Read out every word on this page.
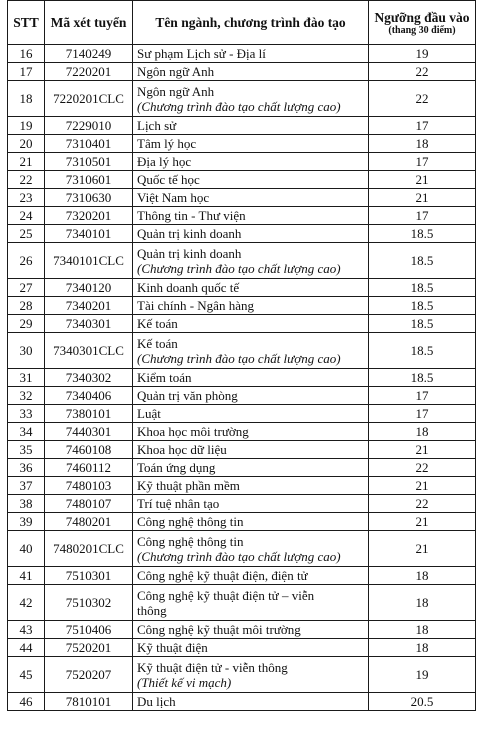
STT	Mã xét tuyển	Tên ngành, chương trình đào tạo	Ngưỡng đầu vào
(thang 30 điểm)

16	7140249	Sư phạm Lịch sử - Địa lí	19
17	7220201	Ngôn ngữ Anh	22
18	7220201CLC	Ngôn ngữ Anh
(Chương trình đào tạo chất lượng cao)	22
19	7229010	Lịch sử	17
20	7310401	Tâm lý học	18
21	7310501	Địa lý học	17
22	7310601	Quốc tế học	21
23	7310630	Việt Nam học	21
24	7320201	Thông tin - Thư viện	17
25	7340101	Quản trị kinh doanh	18.5
26	7340101CLC	Quản trị kinh doanh
(Chương trình đào tạo chất lượng cao)	18.5
27	7340120	Kinh doanh quốc tế	18.5
28	7340201	Tài chính - Ngân hàng	18.5
29	7340301	Kế toán	18.5
30	7340301CLC	Kế toán
(Chương trình đào tạo chất lượng cao)	18.5
31	7340302	Kiểm toán	18.5
32	7340406	Quản trị văn phòng	17
33	7380101	Luật	17
34	7440301	Khoa học môi trường	18
35	7460108	Khoa học dữ liệu	21
36	7460112	Toán ứng dụng	22
37	7480103	Kỹ thuật phần mềm	21
38	7480107	Trí tuệ nhân tạo	22
39	7480201	Công nghệ thông tin	21
40	7480201CLC	Công nghệ thông tin
(Chương trình đào tạo chất lượng cao)	21
41	7510301	Công nghệ kỹ thuật điện, điện tử	18
42	7510302	Công nghệ kỹ thuật điện tử – viễn
thông	18
43	7510406	Công nghệ kỹ thuật môi trường	18
44	7520201	Kỹ thuật điện	18
45	7520207	Kỹ thuật điện tử - viễn thông
(Thiết kế vi mạch)	19
46	7810101	Du lịch	20.5
